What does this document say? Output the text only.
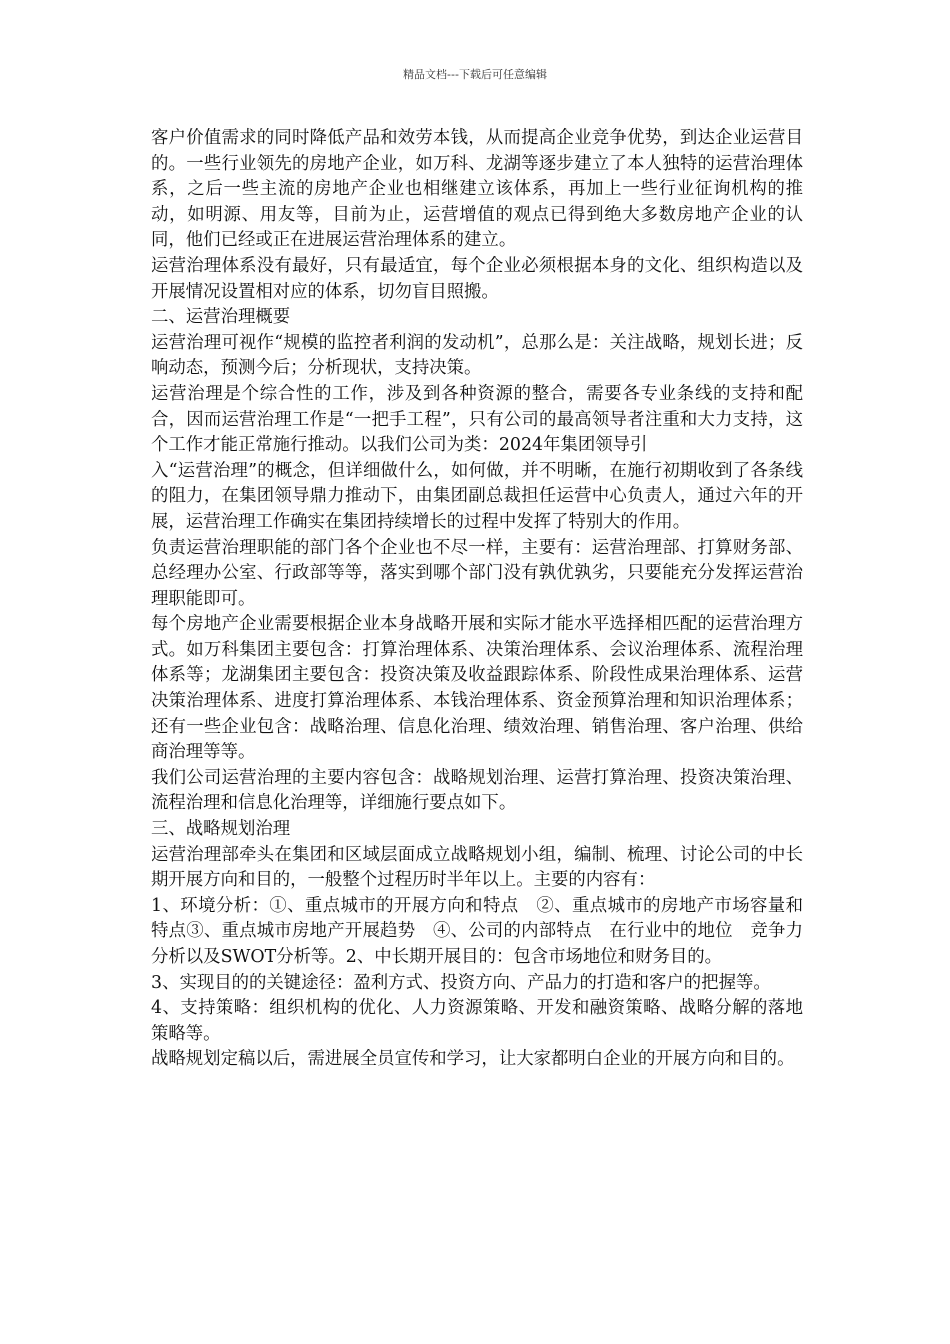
精品文档---下载后可任意编辑

客户价值需求的同时降低产品和效劳本钱，从而提高企业竞争优势，到达企业运营目的。一些行业领先的房地产企业，如万科、龙湖等逐步建立了本人独特的运营治理体系，之后一些主流的房地产企业也相继建立该体系，再加上一些行业征询机构的推动，如明源、用友等，目前为止，运营增值的观点已得到绝大多数房地产企业的认同，他们已经或正在进展运营治理体系的建立。

运营治理体系没有最好，只有最适宜，每个企业必须根据本身的文化、组织构造以及开展情况设置相对应的体系，切勿盲目照搬。

二、运营治理概要

运营治理可视作“规模的监控者利润的发动机”，总那么是：关注战略，规划长进；反响动态，预测今后；分析现状，支持决策。

运营治理是个综合性的工作，涉及到各种资源的整合，需要各专业条线的支持和配合，因而运营治理工作是“一把手工程”，只有公司的最高领导者注重和大力支持，这个工作才能正常施行推动。以我们公司为类：2024年集团领导引

入“运营治理”的概念，但详细做什么，如何做，并不明晰，在施行初期收到了各条线的阻力，在集团领导鼎力推动下，由集团副总裁担任运营中心负责人，通过六年的开展，运营治理工作确实在集团持续增长的过程中发挥了特别大的作用。

负责运营治理职能的部门各个企业也不尽一样，主要有：运营治理部、打算财务部、总经理办公室、行政部等等，落实到哪个部门没有孰优孰劣，只要能充分发挥运营治理职能即可。

每个房地产企业需要根据企业本身战略开展和实际才能水平选择相匹配的运营治理方式。如万科集团主要包含：打算治理体系、决策治理体系、会议治理体系、流程治理体系等；龙湖集团主要包含：投资决策及收益跟踪体系、阶段性成果治理体系、运营决策治理体系、进度打算治理体系、本钱治理体系、资金预算治理和知识治理体系；还有一些企业包含：战略治理、信息化治理、绩效治理、销售治理、客户治理、供给商治理等等。

我们公司运营治理的主要内容包含：战略规划治理、运营打算治理、投资决策治理、流程治理和信息化治理等，详细施行要点如下。

三、战略规划治理

运营治理部牵头在集团和区域层面成立战略规划小组，编制、梳理、讨论公司的中长期开展方向和目的，一般整个过程历时半年以上。主要的内容有：

1、环境分析：①、重点城市的开展方向和特点　②、重点城市的房地产市场容量和特点③、重点城市房地产开展趋势　④、公司的内部特点　在行业中的地位　竞争力分析以及SWOT分析等。2、中长期开展目的：包含市场地位和财务目的。

3、实现目的的关键途径：盈利方式、投资方向、产品力的打造和客户的把握等。

4、支持策略：组织机构的优化、人力资源策略、开发和融资策略、战略分解的落地策略等。

战略规划定稿以后，需进展全员宣传和学习，让大家都明白企业的开展方向和目的。
